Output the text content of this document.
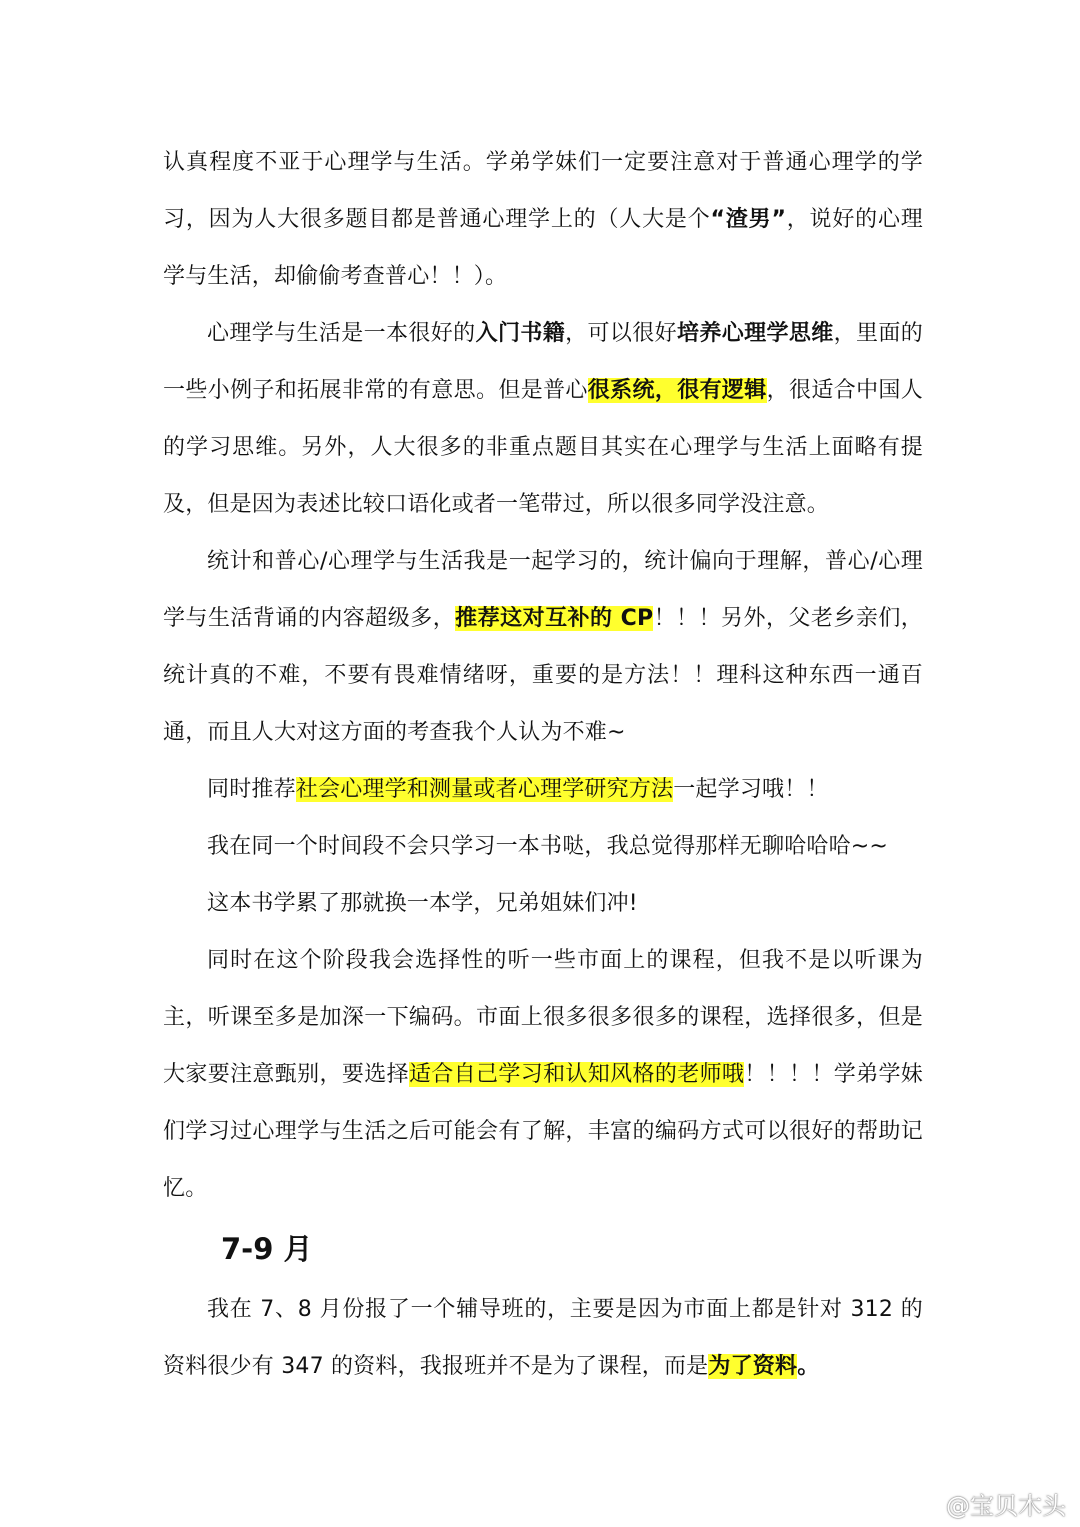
认真程度不亚于心理学与生活。学弟学妹们一定要注意对于普通心理学的学习，因为人大很多题目都是普通心理学上的（人大是个“渣男”，说好的心理学与生活，却偷偷考查普心！！）。

心理学与生活是一本很好的入门书籍，可以很好培养心理学思维，里面的一些小例子和拓展非常的有意思。但是普心很系统，很有逻辑，很适合中国人的学习思维。另外，人大很多的非重点题目其实在心理学与生活上面略有提及，但是因为表述比较口语化或者一笔带过，所以很多同学没注意。

统计和普心/心理学与生活我是一起学习的，统计偏向于理解，普心/心理学与生活背诵的内容超级多，推荐这对互补的 CP！！！另外，父老乡亲们，统计真的不难，不要有畏难情绪呀，重要的是方法！！理科这种东西一通百通，而且人大对这方面的考查我个人认为不难~

同时推荐社会心理学和测量或者心理学研究方法一起学习哦！！

我在同一个时间段不会只学习一本书哒，我总觉得那样无聊哈哈哈~~

这本书学累了那就换一本学，兄弟姐妹们冲!

同时在这个阶段我会选择性的听一些市面上的课程，但我不是以听课为主，听课至多是加深一下编码。市面上很多很多很多的课程，选择很多，但是大家要注意甄别，要选择适合自己学习和认知风格的老师哦！！！！学弟学妹们学习过心理学与生活之后可能会有了解，丰富的编码方式可以很好的帮助记忆。

7-9 月

我在 7、8 月份报了一个辅导班的，主要是因为市面上都是针对 312 的资料很少有 347 的资料，我报班并不是为了课程，而是为了资料。

@宝贝木头
